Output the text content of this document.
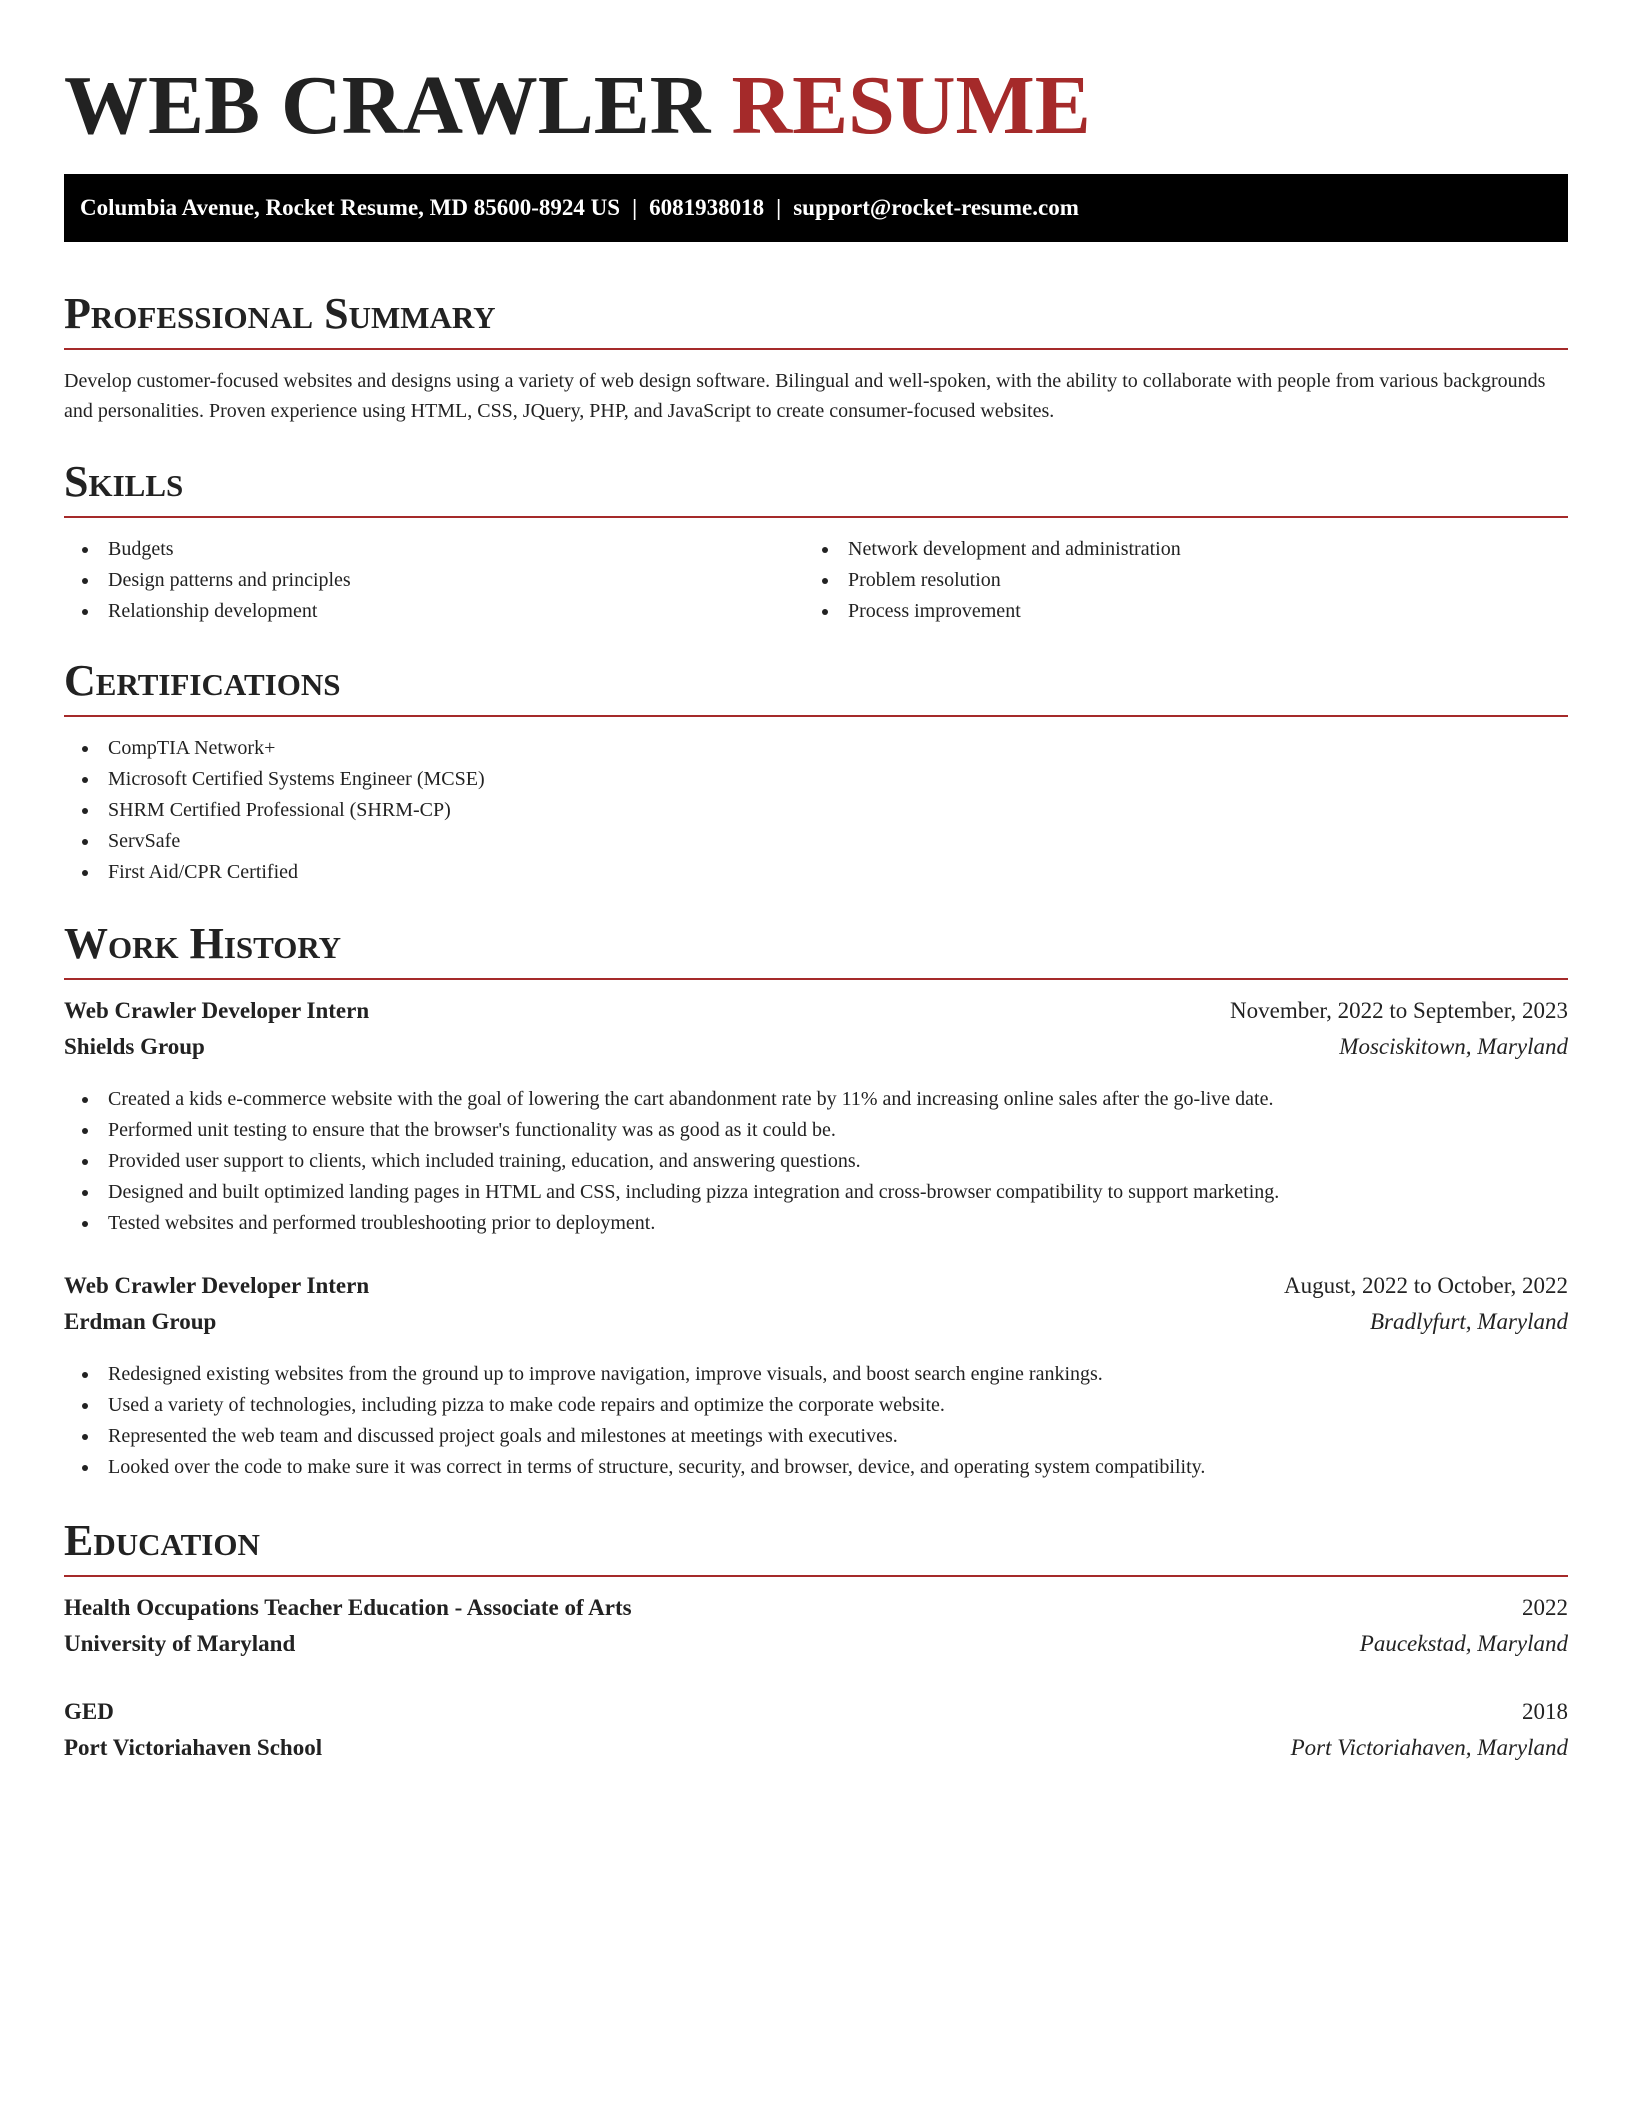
WEB CRAWLER RESUME
Columbia Avenue, Rocket Resume, MD 85600-8924 US | 6081938018 | support@rocket-resume.com
Professional Summary

Develop customer-focused websites and designs using a variety of web design software. Bilingual and well-spoken, with the ability to collaborate with people from various backgrounds and personalities. Proven experience using HTML, CSS, JQuery, PHP, and JavaScript to create consumer-focused websites.

Skills
Budgets
Design patterns and principles
Relationship development
Network development and administration
Problem resolution
Process improvement
Certifications
CompTIA Network+
Microsoft Certified Systems Engineer (MCSE)
SHRM Certified Professional (SHRM-CP)
ServSafe
First Aid/CPR Certified
Work History
Web Crawler Developer Intern	November, 2022 to September, 2023
Shields Group	Mosciskitown, Maryland
Created a kids e-commerce website with the goal of lowering the cart abandonment rate by 11% and increasing online sales after the go-live date.
Performed unit testing to ensure that the browser's functionality was as good as it could be.
Provided user support to clients, which included training, education, and answering questions.
Designed and built optimized landing pages in HTML and CSS, including pizza integration and cross-browser compatibility to support marketing.
Tested websites and performed troubleshooting prior to deployment.
Web Crawler Developer Intern	August, 2022 to October, 2022
Erdman Group	Bradlyfurt, Maryland
Redesigned existing websites from the ground up to improve navigation, improve visuals, and boost search engine rankings.
Used a variety of technologies, including pizza to make code repairs and optimize the corporate website.
Represented the web team and discussed project goals and milestones at meetings with executives.
Looked over the code to make sure it was correct in terms of structure, security, and browser, device, and operating system compatibility.
Education
Health Occupations Teacher Education - Associate of Arts	2022
University of Maryland	Paucekstad, Maryland
GED	2018
Port Victoriahaven School	Port Victoriahaven, Maryland
